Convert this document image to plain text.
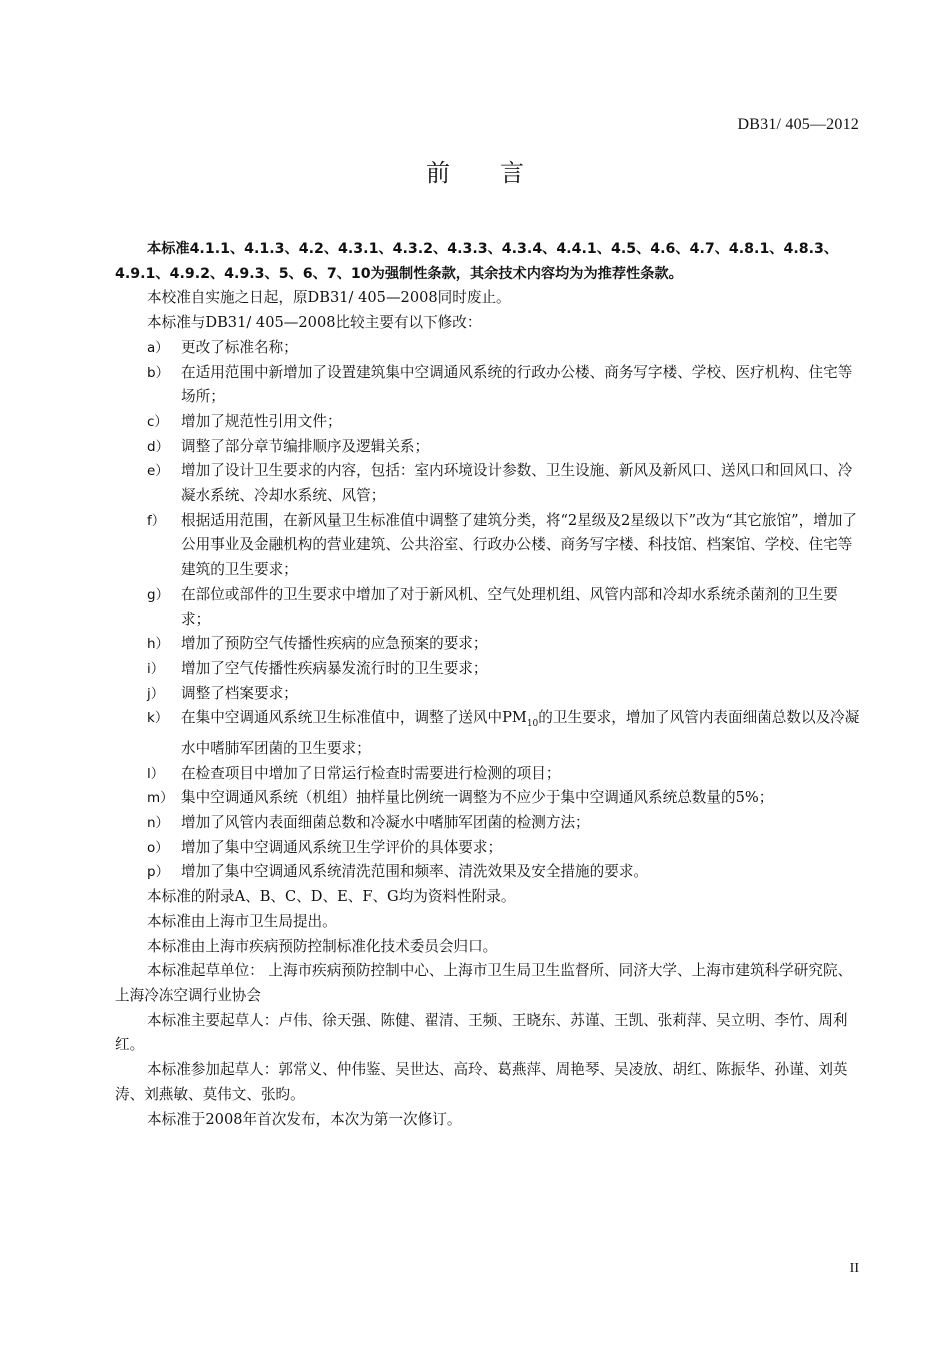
DB31/ 405—2012
前言

本标准4.1.1、4.1.3、4.2、4.3.1、4.3.2、4.3.3、4.3.4、4.4.1、4.5、4.6、4.7、4.8.1、4.8.3、4.9.1、4.9.2、4.9.3、5、6、7、10为强制性条款，其余技术内容均为为推荐性条款。

本校准自实施之日起，原DB31/ 405—2008同时废止。

本标准与DB31/ 405—2008比较主要有以下修改：

a） 更改了标准名称；
b） 在适用范围中新增加了设置建筑集中空调通风系统的行政办公楼、商务写字楼、学校、医疗机构、住宅等场所；
c） 增加了规范性引用文件；
d） 调整了部分章节编排顺序及逻辑关系；
e） 增加了设计卫生要求的内容，包括：室内环境设计参数、卫生设施、新风及新风口、送风口和回风口、冷凝水系统、冷却水系统、风管；
f）	根据适用范围，在新风量卫生标准值中调整了建筑分类，将“2星级及2星级以下”改为“其它旅馆”，增加了公用事业及金融机构的营业建筑、公共浴室、行政办公楼、商务写字楼、科技馆、档案馆、学校、住宅等建筑的卫生要求；
g） 在部位或部件的卫生要求中增加了对于新风机、空气处理机组、风管内部和冷却水系统杀菌剂的卫生要求；
h） 增加了预防空气传播性疾病的应急预案的要求；
i）	增加了空气传播性疾病暴发流行时的卫生要求；
j）	调整了档案要求；
k） 在集中空调通风系统卫生标准值中，调整了送风中$PM_{10}$的卫生要求，增加了风管内表面细菌总数以及冷凝水中嗜肺军团菌的卫生要求；
l）	在检查项目中增加了日常运行检查时需要进行检测的项目；
m） 集中空调通风系统（机组）抽样量比例统一调整为不应少于集中空调通风系统总数量的5%；
n） 增加了风管内表面细菌总数和冷凝水中嗜肺军团菌的检测方法；
o） 增加了集中空调通风系统卫生学评价的具体要求；
p） 增加了集中空调通风系统清洗范围和频率、清洗效果及安全措施的要求。

本标准的附录A、B、C、D、E、F、G均为资料性附录。

本标准由上海市卫生局提出。

本标准由上海市疾病预防控制标准化技术委员会归口。

本标准起草单位： 上海市疾病预防控制中心、上海市卫生局卫生监督所、同济大学、上海市建筑科学研究院、上海冷冻空调行业协会

本标准主要起草人：卢伟、徐天强、陈健、翟清、王频、王晓东、苏谨、王凯、张莉萍、吴立明、李竹、周利红。

本标准参加起草人：郭常义、仲伟鉴、吴世达、高玲、葛燕萍、周艳琴、吴凌放、胡红、陈振华、孙谨、刘英涛、刘燕敏、莫伟文、张昀。

本标准于2008年首次发布，本次为第一次修订。

II
